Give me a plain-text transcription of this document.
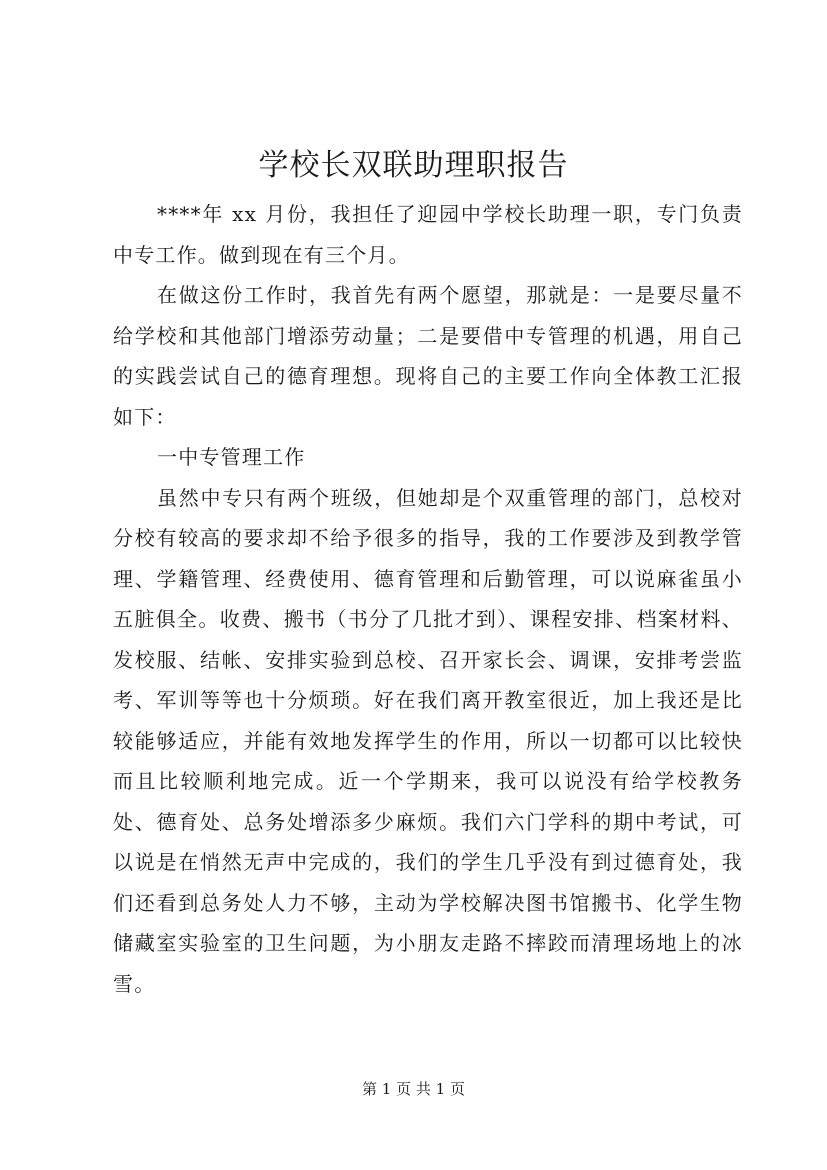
学校长双联助理职报告

****年 xx 月份，我担任了迎园中学校长助理一职，专门负责中专工作。做到现在有三个月。

在做这份工作时，我首先有两个愿望，那就是：一是要尽量不给学校和其他部门增添劳动量；二是要借中专管理的机遇，用自己的实践尝试自己的德育理想。现将自己的主要工作向全体教工汇报如下：

一中专管理工作

虽然中专只有两个班级，但她却是个双重管理的部门，总校对分校有较高的要求却不给予很多的指导，我的工作要涉及到教学管理、学籍管理、经费使用、德育管理和后勤管理，可以说麻雀虽小五脏俱全。收费、搬书（书分了几批才到）、课程安排、档案材料、发校服、结帐、安排实验到总校、召开家长会、调课，安排考尝监考、军训等等也十分烦琐。好在我们离开教室很近，加上我还是比较能够适应，并能有效地发挥学生的作用，所以一切都可以比较快而且比较顺利地完成。近一个学期来，我可以说没有给学校教务处、德育处、总务处增添多少麻烦。我们六门学科的期中考试，可以说是在悄然无声中完成的，我们的学生几乎没有到过德育处，我们还看到总务处人力不够，主动为学校解决图书馆搬书、化学生物储藏室实验室的卫生问题，为小朋友走路不摔跤而清理场地上的冰雪。

第 1 页 共 1 页
